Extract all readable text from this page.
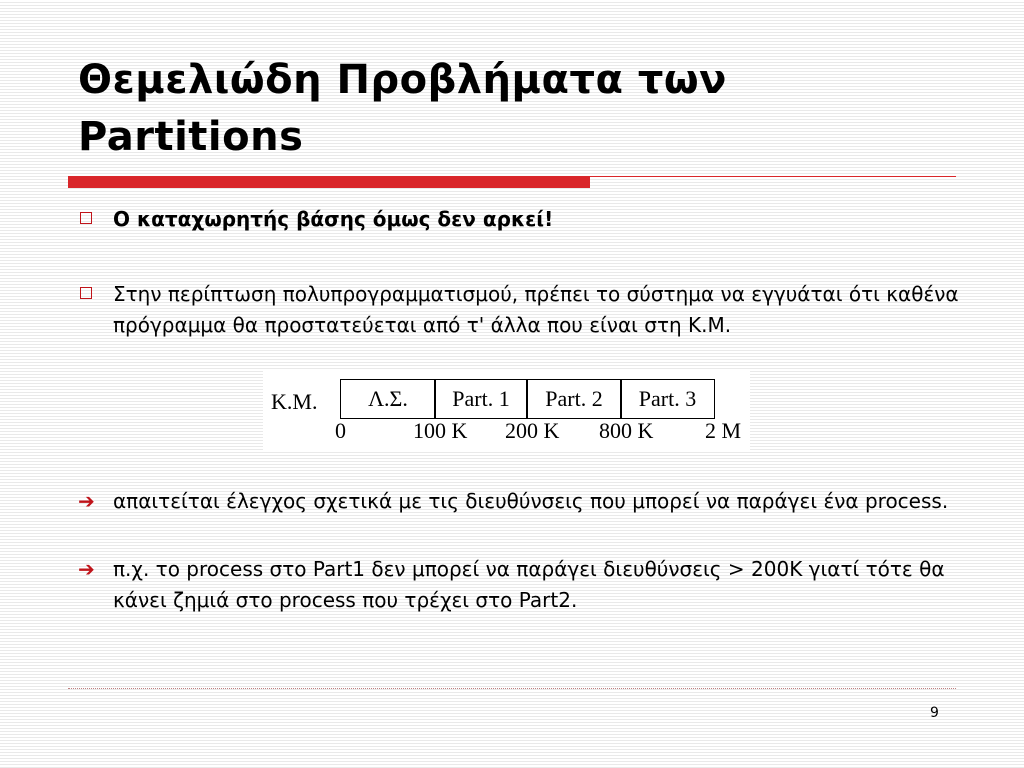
Θεμελιώδη Προβλήματα των
Partitions
Ο καταχωρητής βάσης όμως δεν αρκεί!
Στην περίπτωση πολυπρογραμματισμού, πρέπει το σύστημα να εγγυάται ότι καθένα πρόγραμμα θα προστατεύεται από τ' άλλα που είναι στη Κ.Μ.
Κ.Μ.	Λ.Σ.	Part. 1	Part. 2	Part. 3
0	100 K 200 K 800 K 2 M
➔ απαιτείται έλεγχος σχετικά με τις διευθύνσεις που μπορεί να παράγει ένα process.
➔ π.χ. το process στο Part1 δεν μπορεί να παράγει διευθύνσεις > 200K γιατί τότε θα κάνει ζημιά στο process που τρέχει στο Part2.
9
